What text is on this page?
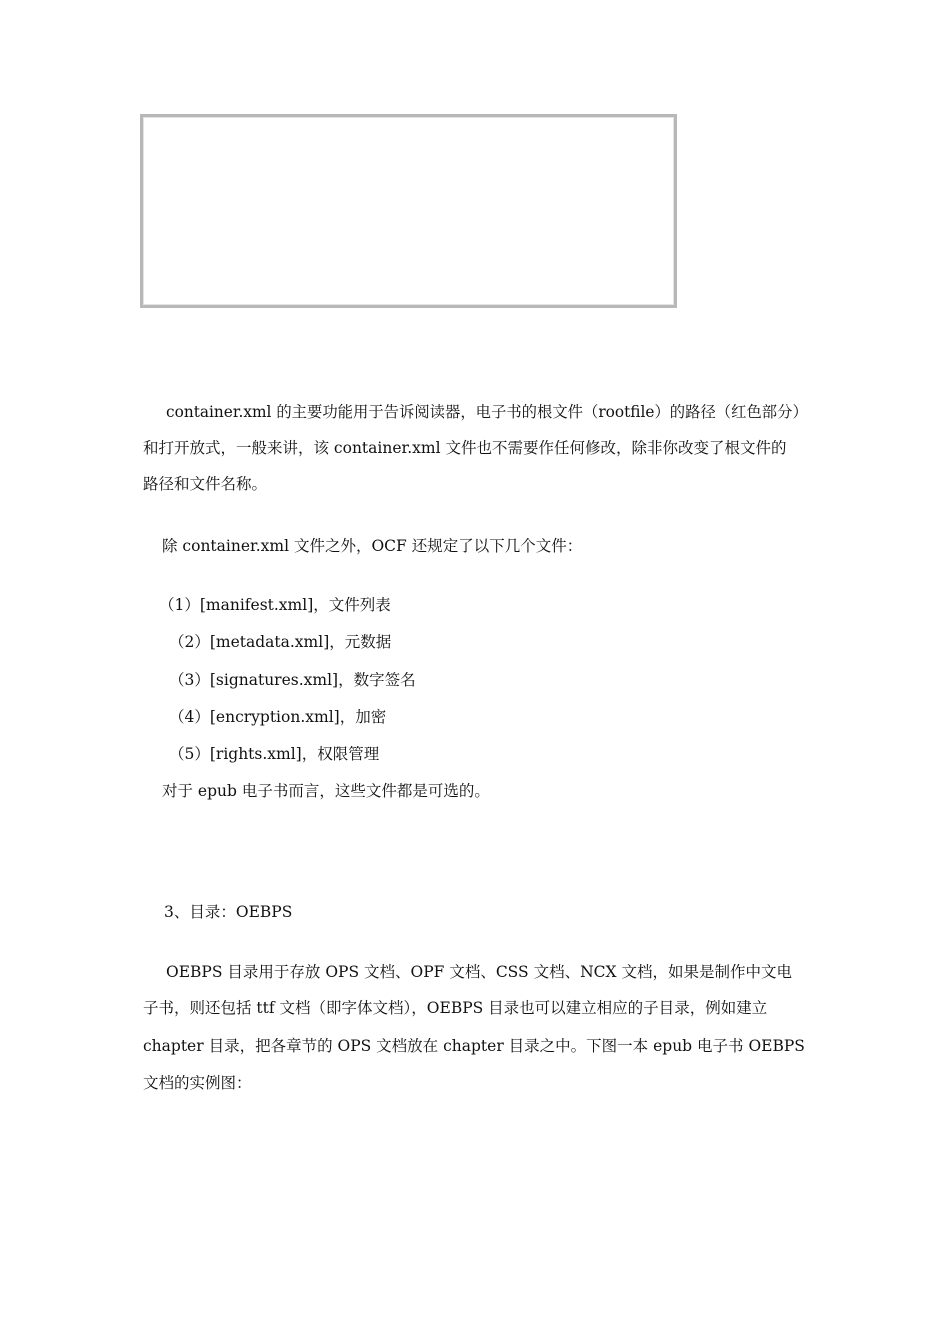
container.xml 的主要功能用于告诉阅读器，电子书的根文件（rootfile）的路径（红色部分）
和打开放式，一般来讲，该 container.xml 文件也不需要作任何修改，除非你改变了根文件的
路径和文件名称。
除 container.xml 文件之外，OCF 还规定了以下几个文件：
（1）[manifest.xml]，文件列表
（2）[metadata.xml]，元数据
（3）[signatures.xml]，数字签名
（4）[encryption.xml]，加密
（5）[rights.xml]，权限管理
对于 epub 电子书而言，这些文件都是可选的。
3、目录：OEBPS
OEBPS 目录用于存放 OPS 文档、OPF 文档、CSS 文档、NCX 文档，如果是制作中文电
子书，则还包括 ttf 文档（即字体文档），OEBPS 目录也可以建立相应的子目录，例如建立
chapter 目录，把各章节的 OPS 文档放在 chapter 目录之中。下图一本 epub 电子书 OEBPS
文档的实例图：
